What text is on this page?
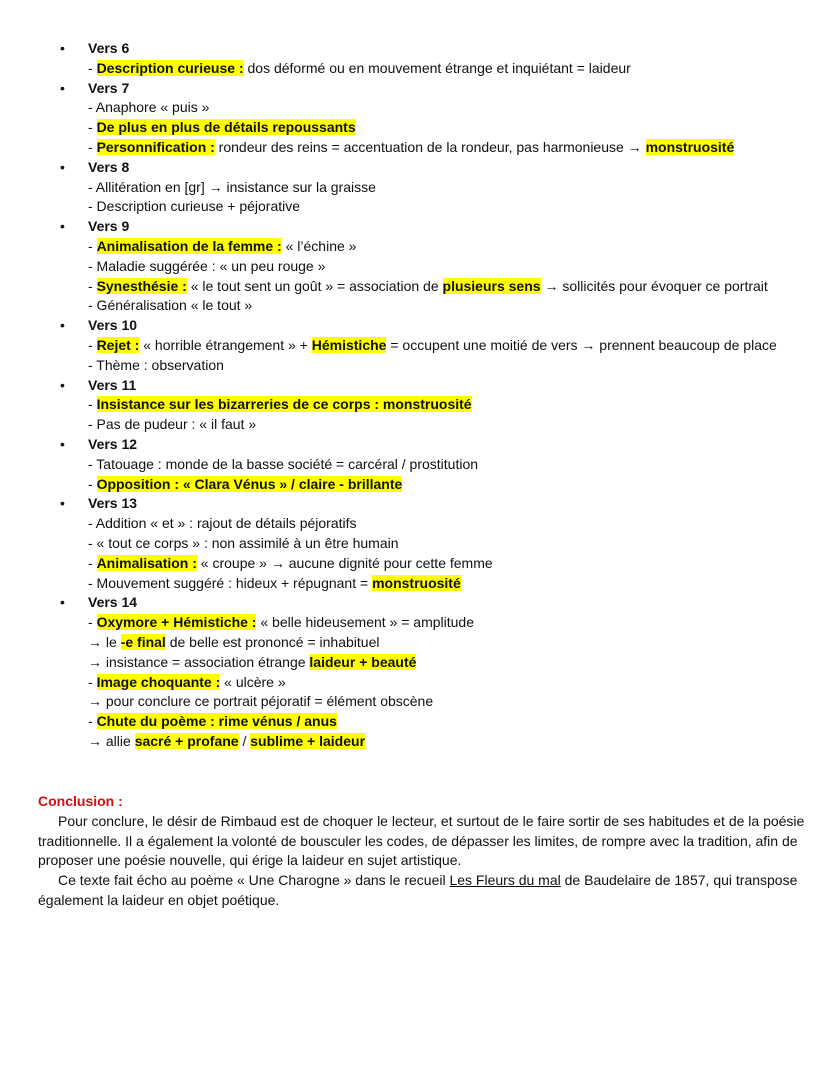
• Vers 6
- Description curieuse : dos déformé ou en mouvement étrange et inquiétant = laideur
• Vers 7
- Anaphore « puis »
- De plus en plus de détails repoussants
- Personnification : rondeur des reins = accentuation de la rondeur, pas harmonieuse → monstruosité
• Vers 8
- Allitération en [gr] → insistance sur la graisse
- Description curieuse + péjorative
• Vers 9
- Animalisation de la femme : « l’échine »
- Maladie suggérée : « un peu rouge »
- Synesthésie : « le tout sent un goût » = association de plusieurs sens → sollicités pour évoquer ce portrait
- Généralisation « le tout »
• Vers 10
- Rejet : « horrible étrangement » + Hémistiche = occupent une moitié de vers → prennent beaucoup de place
- Thème : observation
• Vers 11
- Insistance sur les bizarreries de ce corps : monstruosité
- Pas de pudeur : « il faut »
• Vers 12
- Tatouage : monde de la basse société = carcéral / prostitution
- Opposition : « Clara Vénus » / claire - brillante
• Vers 13
- Addition « et » : rajout de détails péjoratifs
- « tout ce corps » : non assimilé à un être humain
- Animalisation : « croupe » → aucune dignité pour cette femme
- Mouvement suggéré : hideux + répugnant = monstruosité
• Vers 14
- Oxymore + Hémistiche : « belle hideusement » = amplitude
→ le -e final de belle est prononcé = inhabituel
→ insistance = association étrange laideur + beauté
- Image choquante : « ulcère »
→ pour conclure ce portrait péjoratif = élément obscène
- Chute du poème : rime vénus / anus
→ allie sacré + profane / sublime + laideur
Conclusion :

Pour conclure, le désir de Rimbaud est de choquer le lecteur, et surtout de le faire sortir de ses habitudes et de la poésie traditionnelle. Il a également la volonté de bousculer les codes, de dépasser les limites, de rompre avec la tradition, afin de proposer une poésie nouvelle, qui érige la laideur en sujet artistique.

Ce texte fait écho au poème « Une Charogne » dans le recueil Les Fleurs du mal de Baudelaire de 1857, qui transpose également la laideur en objet poétique.
